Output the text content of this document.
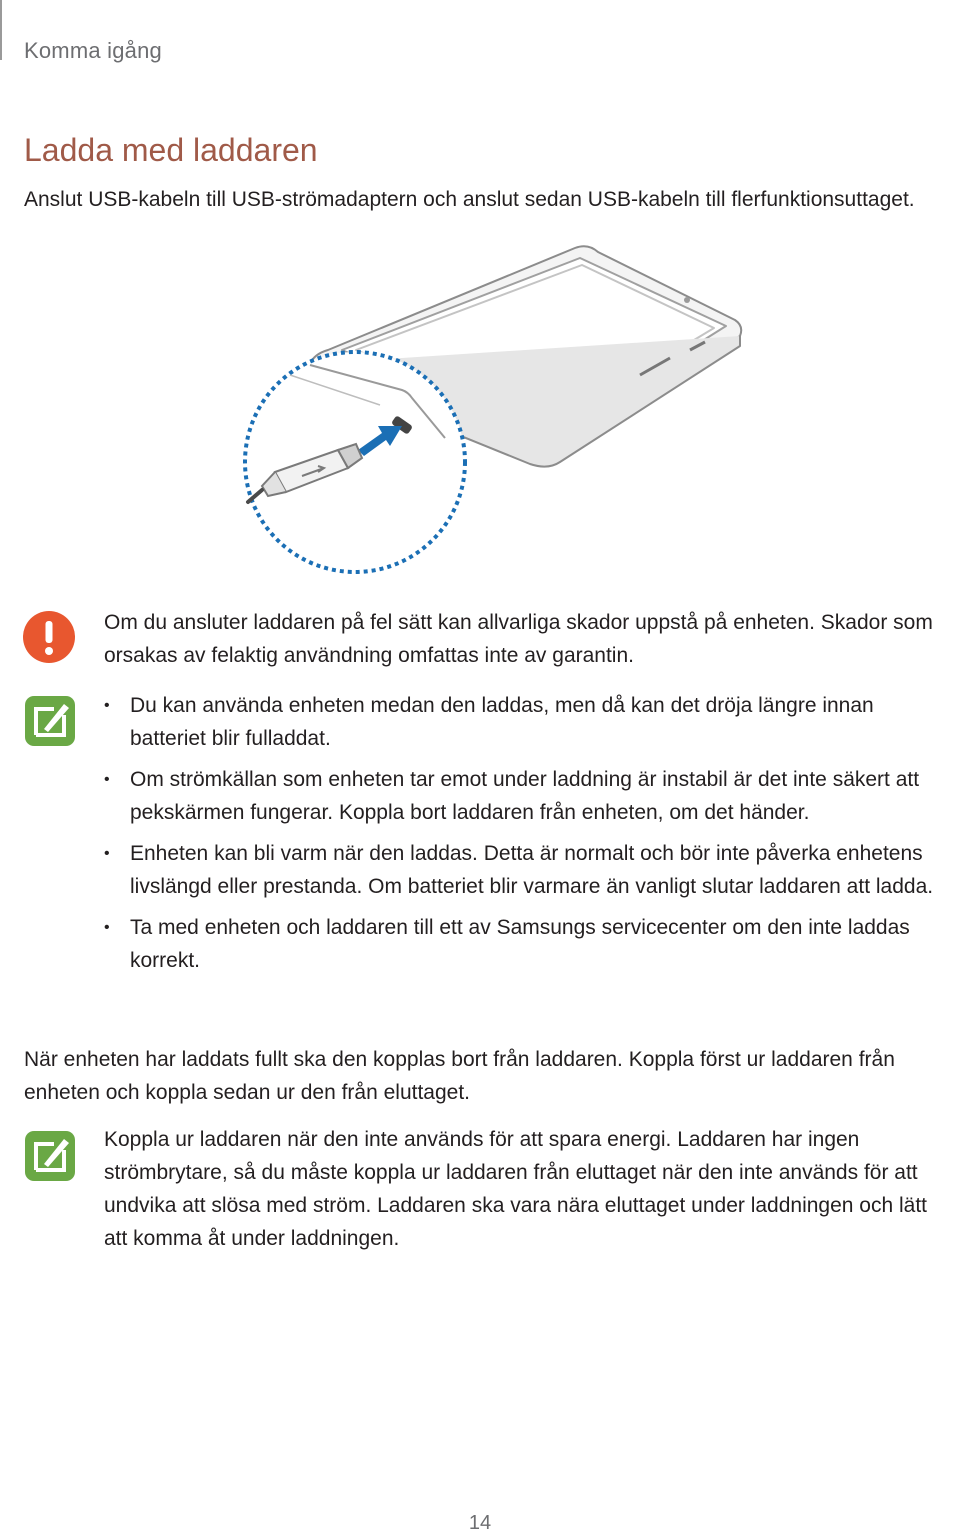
Komma igång
Ladda med laddaren
Anslut USB-kabeln till USB-strömadaptern och anslut sedan USB-kabeln till flerfunktionsuttaget.

Om du ansluter laddaren på fel sätt kan allvarliga skador uppstå på enheten. Skador som orsakas av felaktig användning omfattas inte av garantin.

• Du kan använda enheten medan den laddas, men då kan det dröja längre innan batteriet blir fulladdat.
• Om strömkällan som enheten tar emot under laddning är instabil är det inte säkert att pekskärmen fungerar. Koppla bort laddaren från enheten, om det händer.
• Enheten kan bli varm när den laddas. Detta är normalt och bör inte påverka enhetens livslängd eller prestanda. Om batteriet blir varmare än vanligt slutar laddaren att ladda.
• Ta med enheten och laddaren till ett av Samsungs servicecenter om den inte laddas korrekt.

När enheten har laddats fullt ska den kopplas bort från laddaren. Koppla först ur laddaren från enheten och koppla sedan ur den från eluttaget.

Koppla ur laddaren när den inte används för att spara energi. Laddaren har ingen strömbrytare, så du måste koppla ur laddaren från eluttaget när den inte används för att undvika att slösa med ström. Laddaren ska vara nära eluttaget under laddningen och lätt att komma åt under laddningen.

14
